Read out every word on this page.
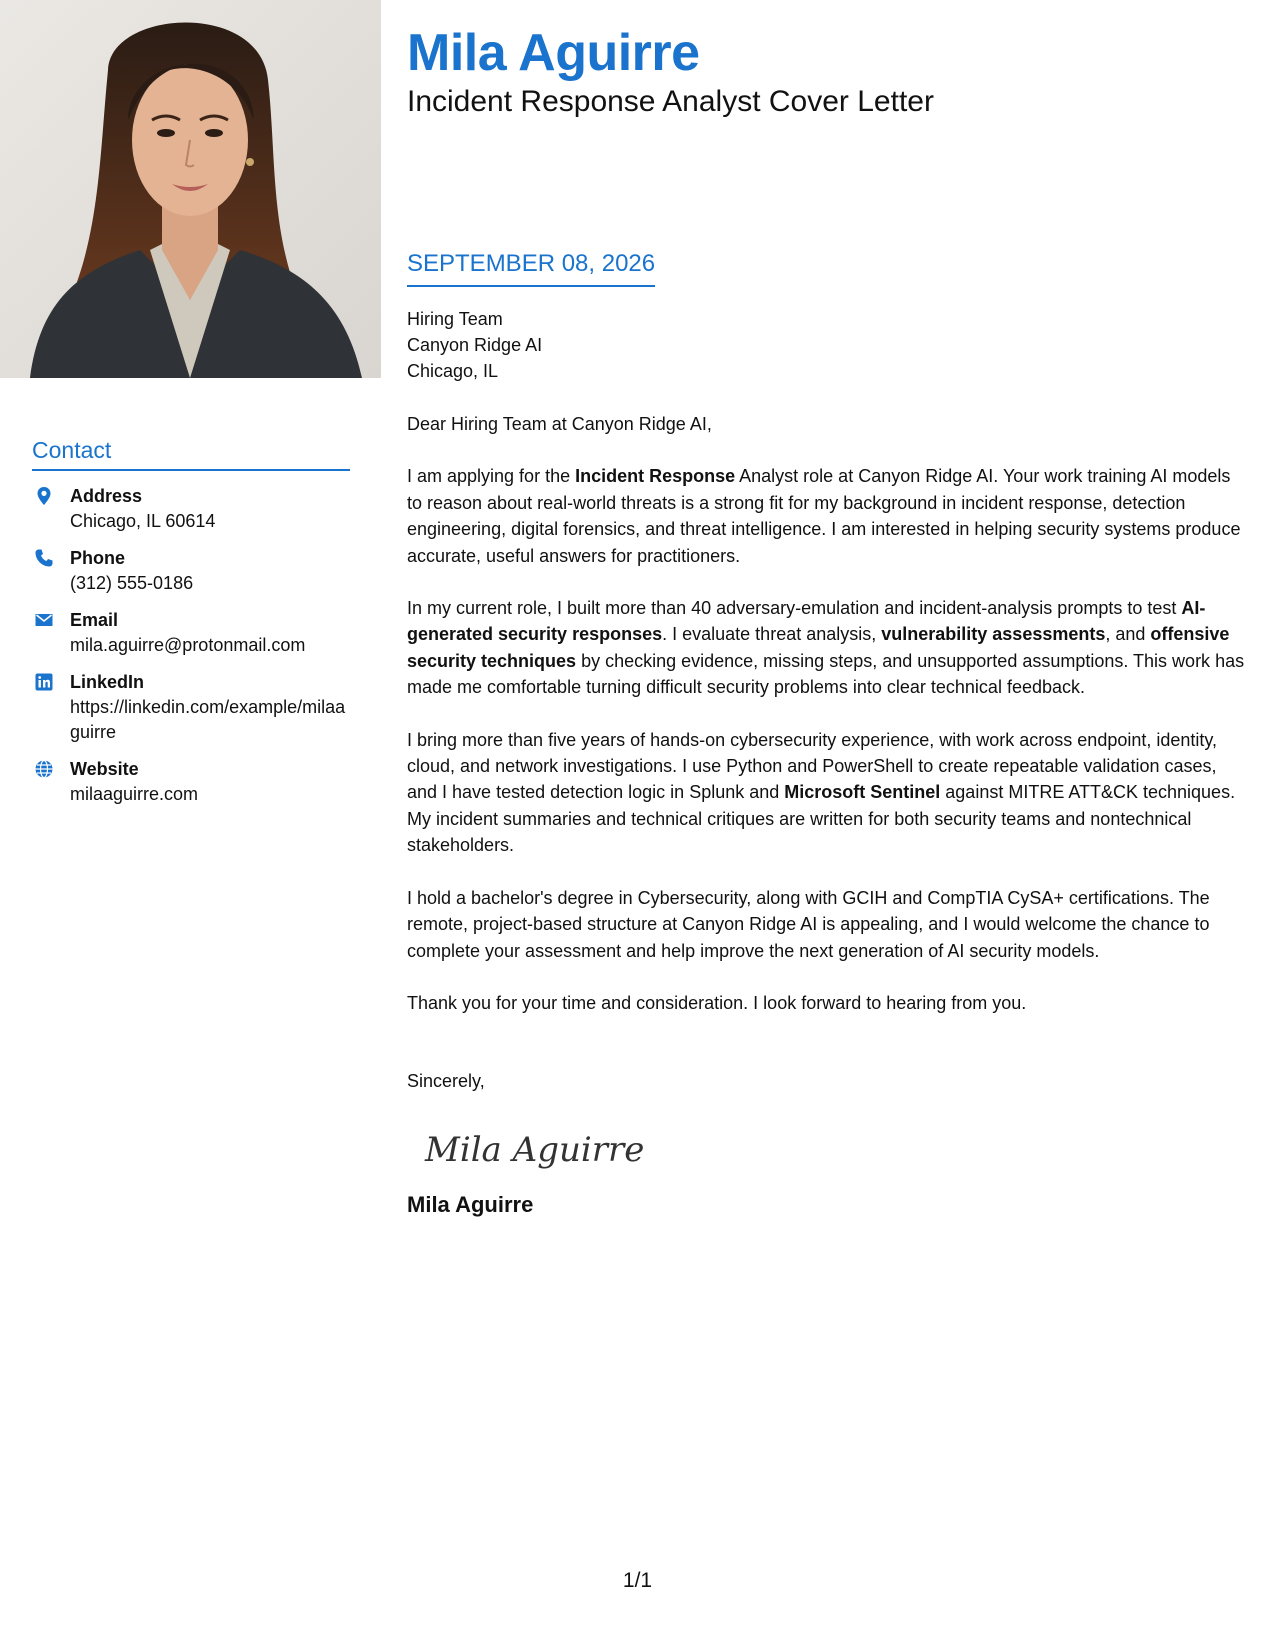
Contact
Address
Chicago, IL 60614
Phone
(312) 555-0186
Email
mila.aguirre@protonmail.com
LinkedIn
https://linkedin.com/example/milaaguirre
Website
milaaguirre.com
Mila Aguirre

Incident Response Analyst Cover Letter

SEPTEMBER 08, 2026
Hiring Team
Canyon Ridge AI
Chicago, IL
Dear Hiring Team at Canyon Ridge AI,
I am applying for the Incident Response Analyst role at Canyon Ridge AI. Your work training AI models to reason about real-world threats is a strong fit for my background in incident response, detection engineering, digital forensics, and threat intelligence. I am interested in helping security systems produce accurate, useful answers for practitioners.
In my current role, I built more than 40 adversary-emulation and incident-analysis prompts to test AI-generated security responses. I evaluate threat analysis, vulnerability assessments, and offensive security techniques by checking evidence, missing steps, and unsupported assumptions. This work has made me comfortable turning difficult security problems into clear technical feedback.
I bring more than five years of hands-on cybersecurity experience, with work across endpoint, identity, cloud, and network investigations. I use Python and PowerShell to create repeatable validation cases, and I have tested detection logic in Splunk and Microsoft Sentinel against MITRE ATT&CK techniques. My incident summaries and technical critiques are written for both security teams and nontechnical stakeholders.
I hold a bachelor's degree in Cybersecurity, along with GCIH and CompTIA CySA+ certifications. The remote, project-based structure at Canyon Ridge AI is appealing, and I would welcome the chance to complete your assessment and help improve the next generation of AI security models.
Thank you for your time and consideration. I look forward to hearing from you.
Sincerely,
Mila Aguirre
Mila Aguirre
1/1
